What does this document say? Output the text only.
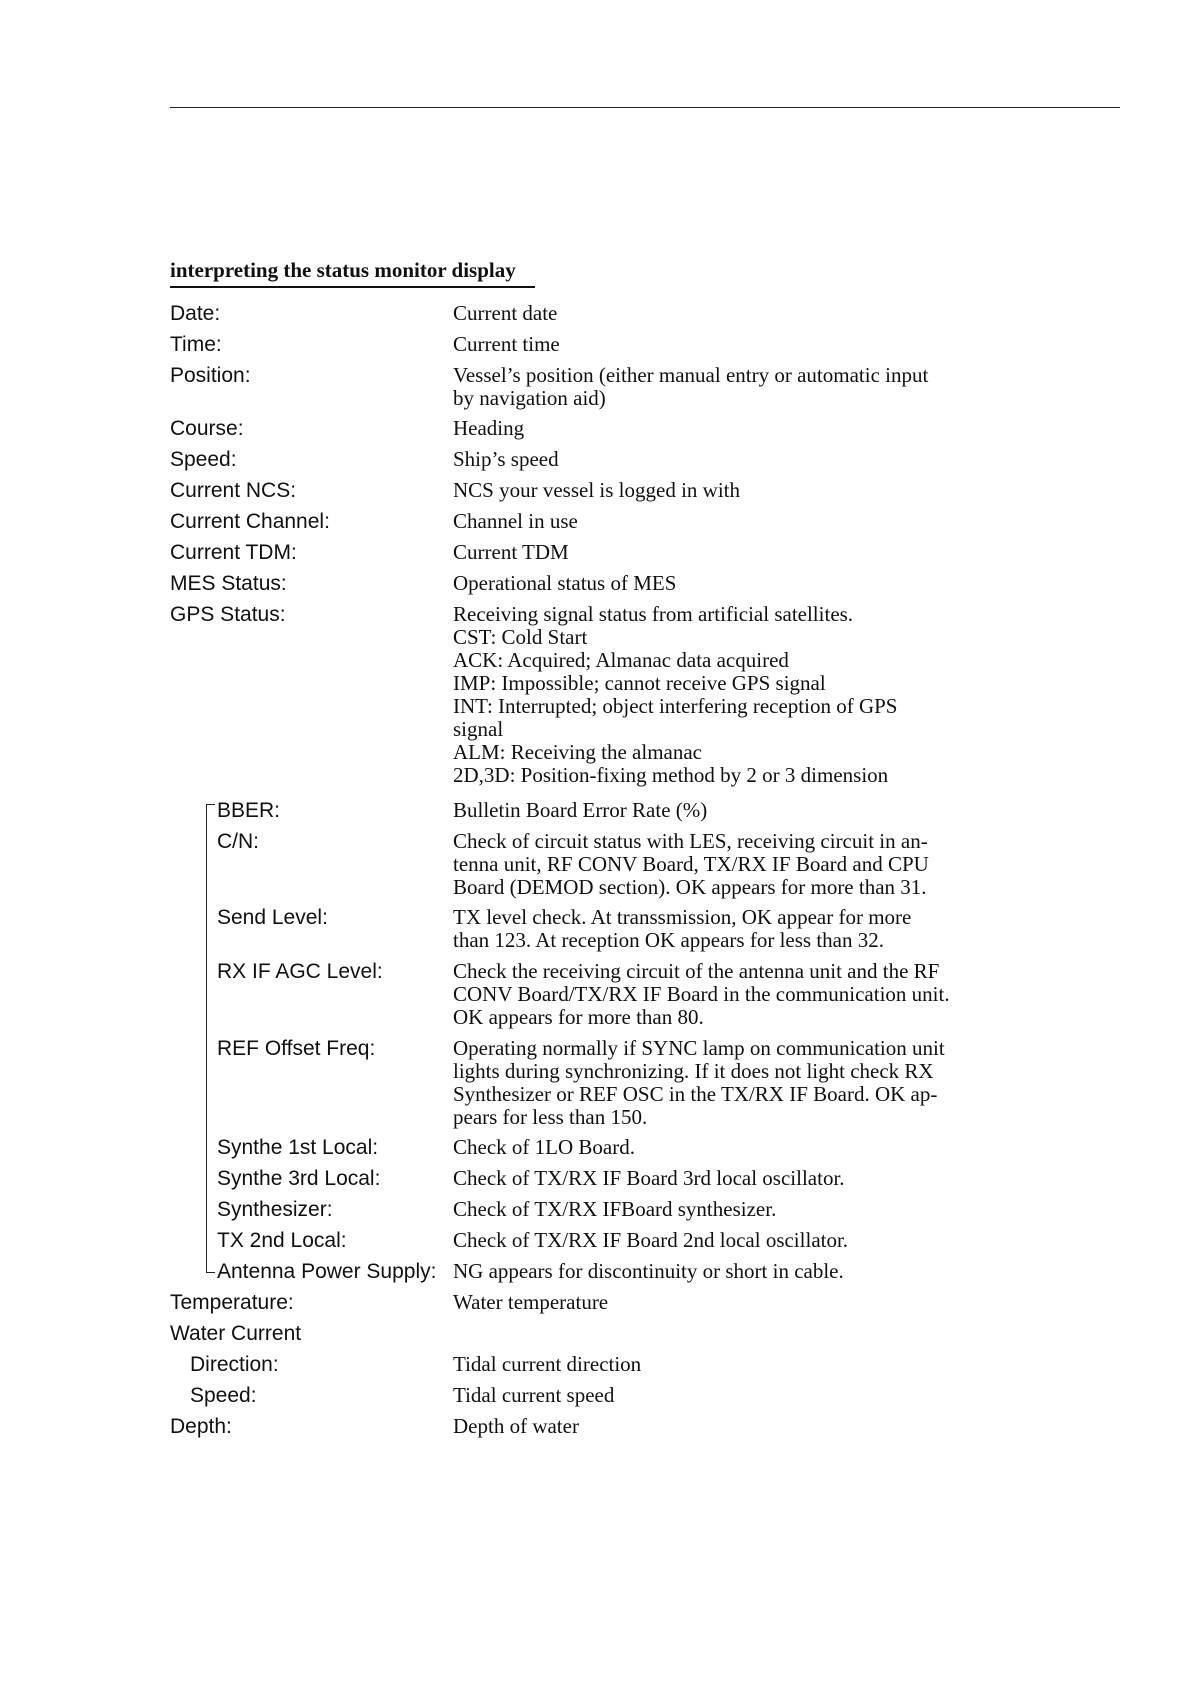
interpreting the status monitor display
Date:	Current date
Time:	Current time
Position:	Vessel’s position (either manual entry or automatic input
by navigation aid)
Course:	Heading
Speed:	Ship’s speed
Current NCS:	NCS your vessel is logged in with
Current Channel:	Channel in use
Current TDM:	Current TDM
MES Status:	Operational status of MES
GPS Status:	Receiving signal status from artificial satellites.
CST: Cold Start
ACK: Acquired; Almanac data acquired
IMP: Impossible; cannot receive GPS signal
INT: Interrupted; object interfering reception of GPS
signal
ALM: Receiving the almanac
2D,3D: Position-fixing method by 2 or 3 dimension
BBER:	Bulletin Board Error Rate (%)
C/N:	Check of circuit status with LES, receiving circuit in an-
tenna unit, RF CONV Board, TX/RX IF Board and CPU
Board (DEMOD section). OK appears for more than 31.
Send Level:	TX level check. At transsmission, OK appear for more
than 123. At reception OK appears for less than 32.
RX IF AGC Level:	Check the receiving circuit of the antenna unit and the RF
CONV Board/TX/RX IF Board in the communication unit.
OK appears for more than 80.
REF Offset Freq:	Operating normally if SYNC lamp on communication unit
lights during synchronizing. If it does not light check RX
Synthesizer or REF OSC in the TX/RX IF Board. OK ap-
pears for less than 150.
Synthe 1st Local:	Check of 1LO Board.
Synthe 3rd Local:	Check of TX/RX IF Board 3rd local oscillator.
Synthesizer:	Check of TX/RX IFBoard synthesizer.
TX 2nd Local:	Check of TX/RX IF Board 2nd local oscillator.
Antenna Power Supply: NG appears for discontinuity or short in cable.
Temperature:	Water temperature
Water Current
Direction:	Tidal current direction
Speed:	Tidal current speed
Depth:	Depth of water
